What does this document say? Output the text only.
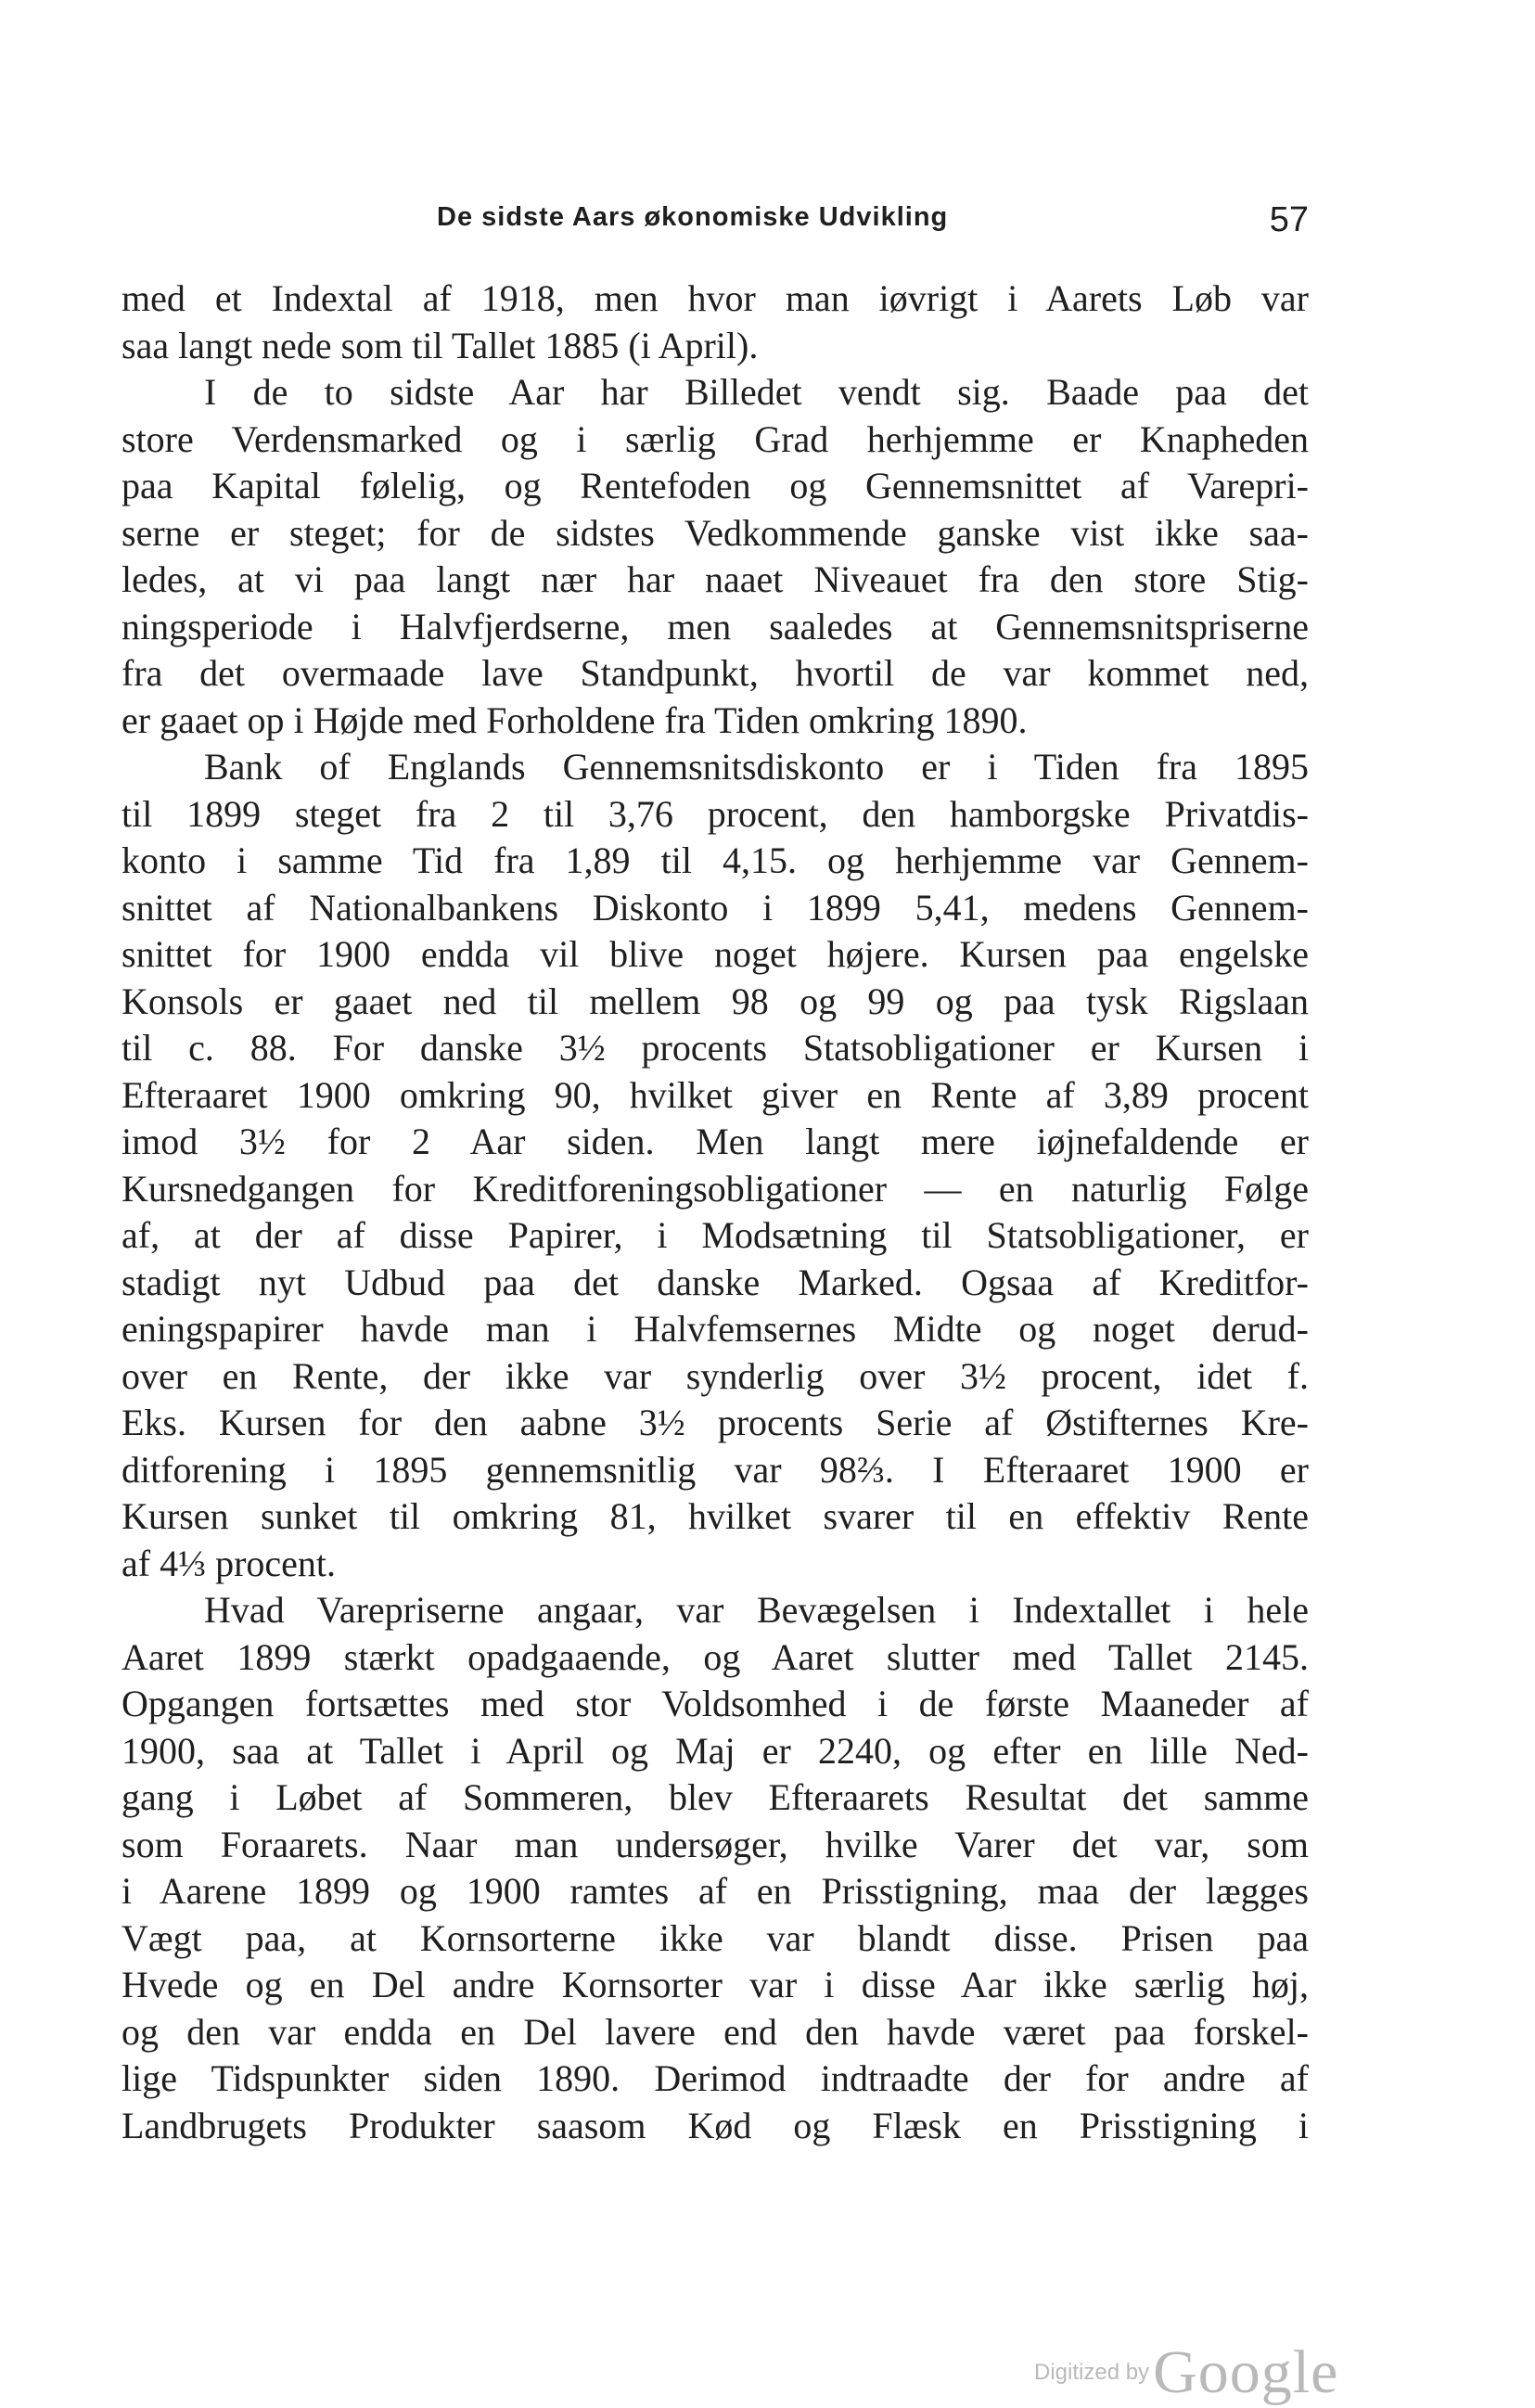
De sidste Aars økonomiske Udvikling	57
med et Indextal af 1918, men hvor man iøvrigt i Aarets Løb var
saa langt nede som til Tallet 1885 (i April).
I de to sidste Aar har Billedet vendt sig. Baade paa det
store Verdensmarked og i særlig Grad herhjemme er Knapheden
paa Kapital følelig, og Rentefoden og Gennemsnittet af Varepri-
serne er steget; for de sidstes Vedkommende ganske vist ikke saa-
ledes, at vi paa langt nær har naaet Niveauet fra den store Stig-
ningsperiode i Halvfjerdserne, men saaledes at Gennemsnitspriserne
fra det overmaade lave Standpunkt, hvortil de var kommet ned,
er gaaet op i Højde med Forholdene fra Tiden omkring 1890.
Bank of Englands Gennemsnitsdiskonto er i Tiden fra 1895
til 1899 steget fra 2 til 3,76 procent, den hamborgske Privatdis-
konto i samme Tid fra 1,89 til 4,15. og herhjemme var Gennem-
snittet af Nationalbankens Diskonto i 1899 5,41, medens Gennem-
snittet for 1900 endda vil blive noget højere. Kursen paa engelske
Konsols er gaaet ned til mellem 98 og 99 og paa tysk Rigslaan
til c. 88. For danske 3½ procents Statsobligationer er Kursen i
Efteraaret 1900 omkring 90, hvilket giver en Rente af 3,89 procent
imod 3½ for 2 Aar siden. Men langt mere iøjnefaldende er
Kursnedgangen for Kreditforeningsobligationer — en naturlig Følge
af, at der af disse Papirer, i Modsætning til Statsobligationer, er
stadigt nyt Udbud paa det danske Marked. Ogsaa af Kreditfor-
eningspapirer havde man i Halvfemsernes Midte og noget derud-
over en Rente, der ikke var synderlig over 3½ procent, idet f.
Eks. Kursen for den aabne 3½ procents Serie af Østifternes Kre-
ditforening i 1895 gennemsnitlig var 98⅔. I Efteraaret 1900 er
Kursen sunket til omkring 81, hvilket svarer til en effektiv Rente
af 4⅓ procent.
Hvad Varepriserne angaar, var Bevægelsen i Indextallet i hele
Aaret 1899 stærkt opadgaaende, og Aaret slutter med Tallet 2145.
Opgangen fortsættes med stor Voldsomhed i de første Maaneder af
1900, saa at Tallet i April og Maj er 2240, og efter en lille Ned-
gang i Løbet af Sommeren, blev Efteraarets Resultat det samme
som Foraarets. Naar man undersøger, hvilke Varer det var, som
i Aarene 1899 og 1900 ramtes af en Prisstigning, maa der lægges
Vægt paa, at Kornsorterne ikke var blandt disse. Prisen paa
Hvede og en Del andre Kornsorter var i disse Aar ikke særlig høj,
og den var endda en Del lavere end den havde været paa forskel-
lige Tidspunkter siden 1890. Derimod indtraadte der for andre af
Landbrugets Produkter saasom Kød og Flæsk en Prisstigning i
Digitized by Google
